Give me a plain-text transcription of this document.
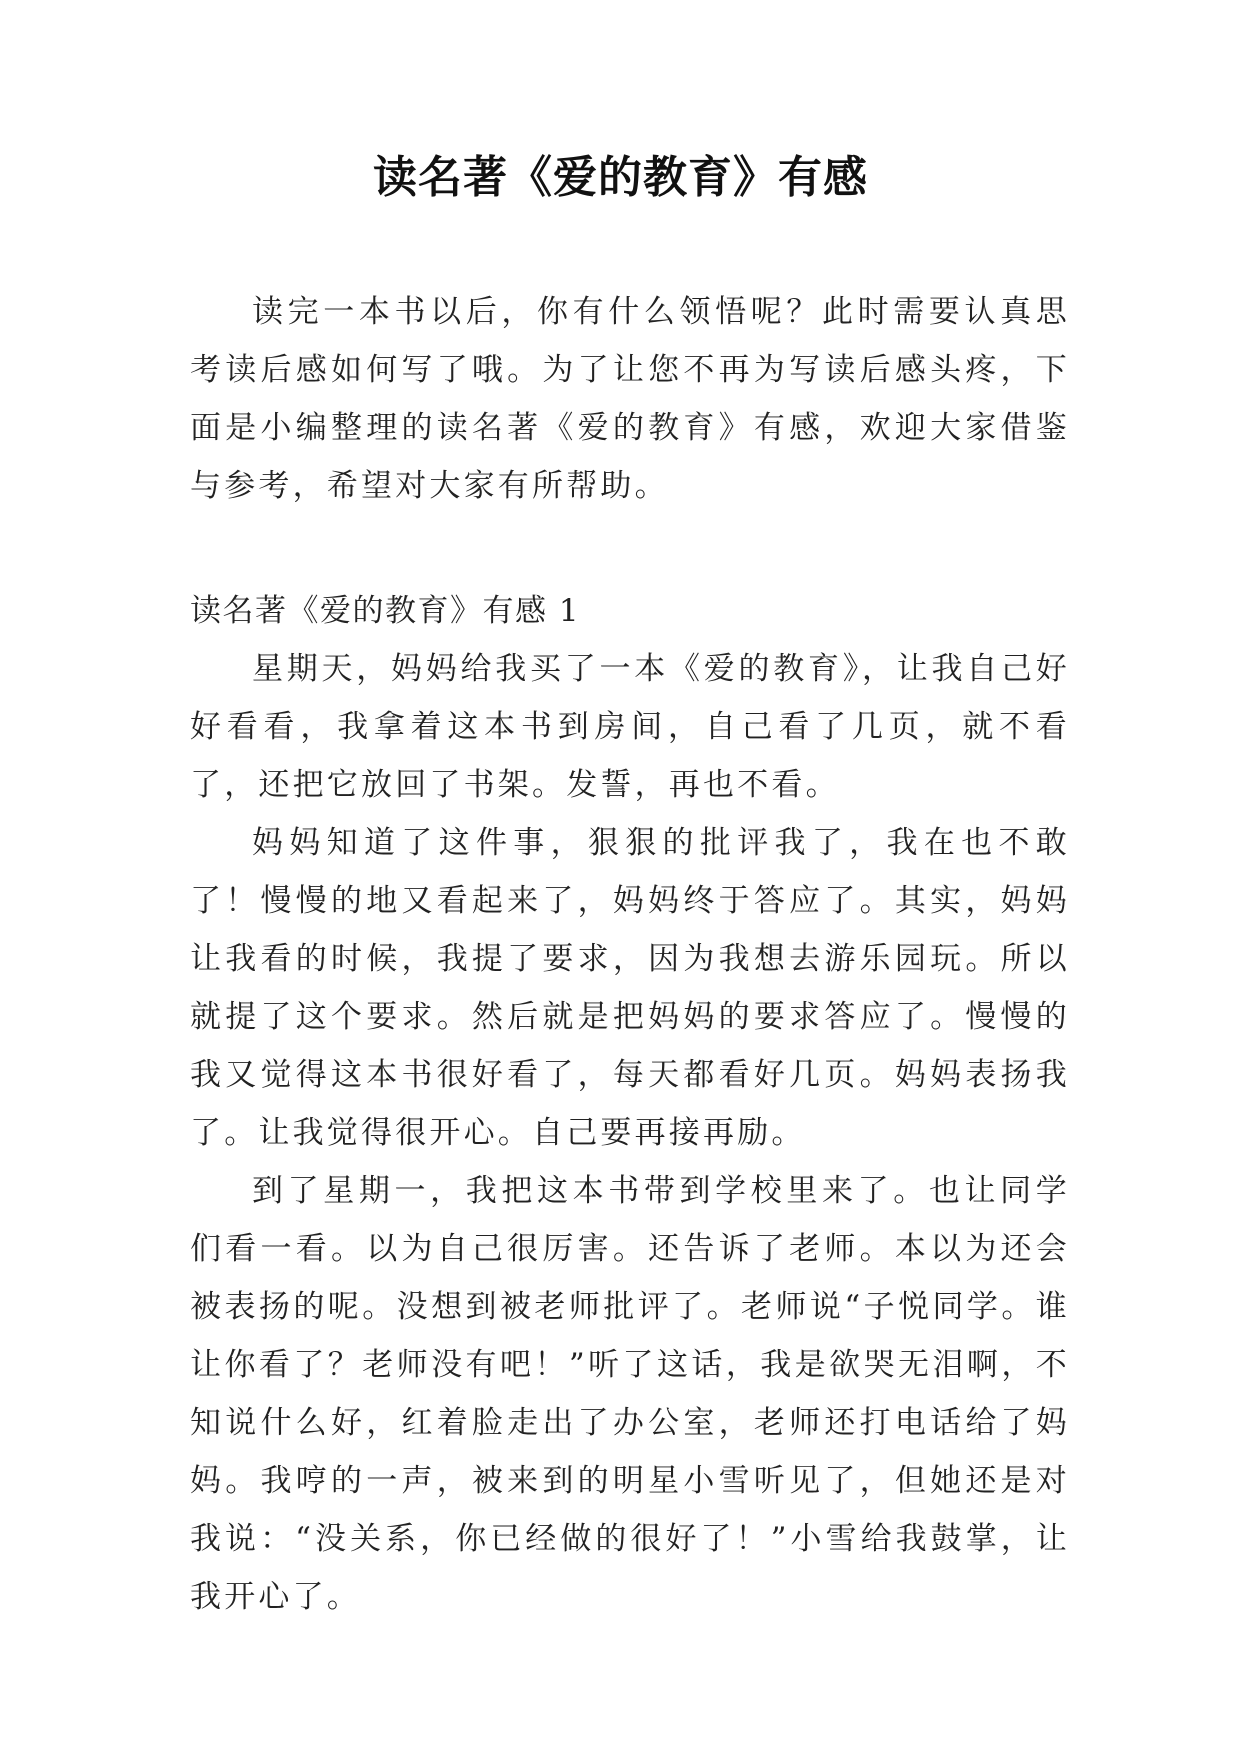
读名著《爱的教育》有感

读完一本书以后，你有什么领悟呢？此时需要认真思考读后感如何写了哦。为了让您不再为写读后感头疼，下面是小编整理的读名著《爱的教育》有感，欢迎大家借鉴与参考，希望对大家有所帮助。

读名著《爱的教育》有感 1

星期天，妈妈给我买了一本《爱的教育》，让我自己好好看看，我拿着这本书到房间，自己看了几页，就不看了，还把它放回了书架。发誓，再也不看。

妈妈知道了这件事，狠狠的批评我了，我在也不敢了！慢慢的地又看起来了，妈妈终于答应了。其实，妈妈让我看的时候，我提了要求，因为我想去游乐园玩。所以就提了这个要求。然后就是把妈妈的要求答应了。慢慢的我又觉得这本书很好看了，每天都看好几页。妈妈表扬我了。让我觉得很开心。自己要再接再励。

到了星期一，我把这本书带到学校里来了。也让同学们看一看。以为自己很厉害。还告诉了老师。本以为还会被表扬的呢。没想到被老师批评了。老师说“子悦同学。谁让你看了？老师没有吧！”听了这话，我是欲哭无泪啊，不知说什么好，红着脸走出了办公室，老师还打电话给了妈妈。我哼的一声，被来到的明星小雪听见了，但她还是对我说：“没关系，你已经做的很好了！”小雪给我鼓掌，让我开心了。
